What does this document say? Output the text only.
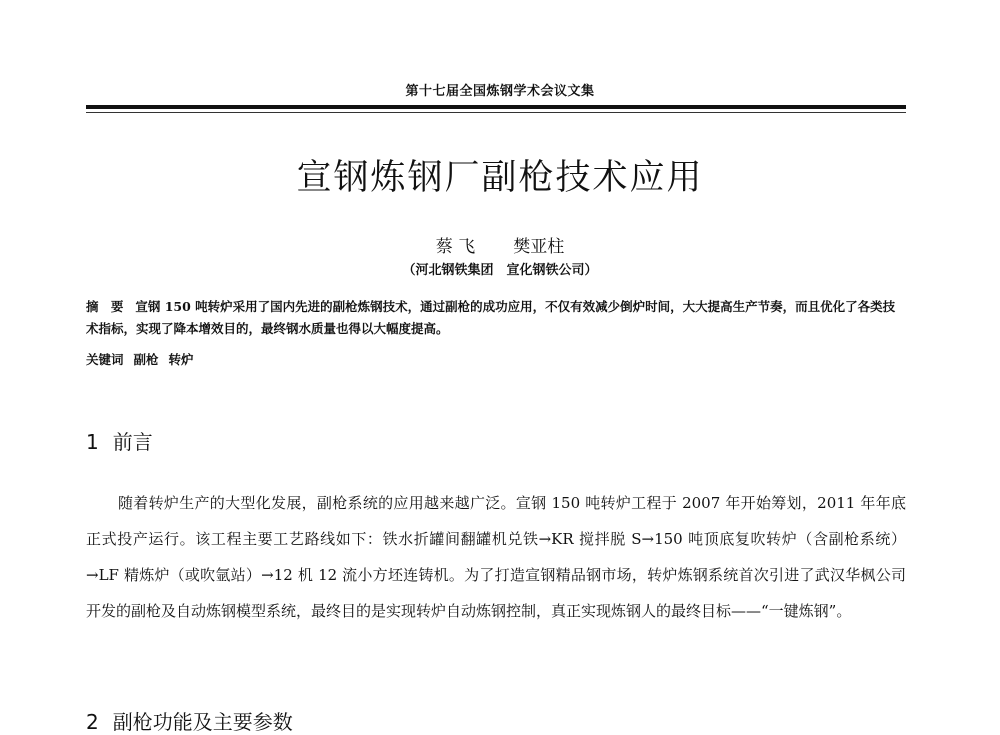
第十七届全国炼钢学术会议文集
宣钢炼钢厂副枪技术应用
蔡 飞 樊亚柱
（河北钢铁集团　宣化钢铁公司）
摘 要 宣钢 150 吨转炉采用了国内先进的副枪炼钢技术，通过副枪的成功应用，不仅有效减少倒炉时间，大大提高生产节奏，而且优化了各类技术指标，实现了降本增效目的，最终钢水质量也得以大幅度提高。
关键词 副枪 转炉
1 前言
随着转炉生产的大型化发展，副枪系统的应用越来越广泛。宣钢 150 吨转炉工程于 2007 年开始筹划，2011 年年底正式投产运行。该工程主要工艺路线如下：铁水折罐间翻罐机兑铁→KR 搅拌脱 S→150 吨顶底复吹转炉（含副枪系统）→LF 精炼炉（或吹氩站）→12 机 12 流小方坯连铸机。为了打造宣钢精品钢市场，转炉炼钢系统首次引进了武汉华枫公司开发的副枪及自动炼钢模型系统，最终目的是实现转炉自动炼钢控制，真正实现炼钢人的最终目标——“一键炼钢”。
2 副枪功能及主要参数
